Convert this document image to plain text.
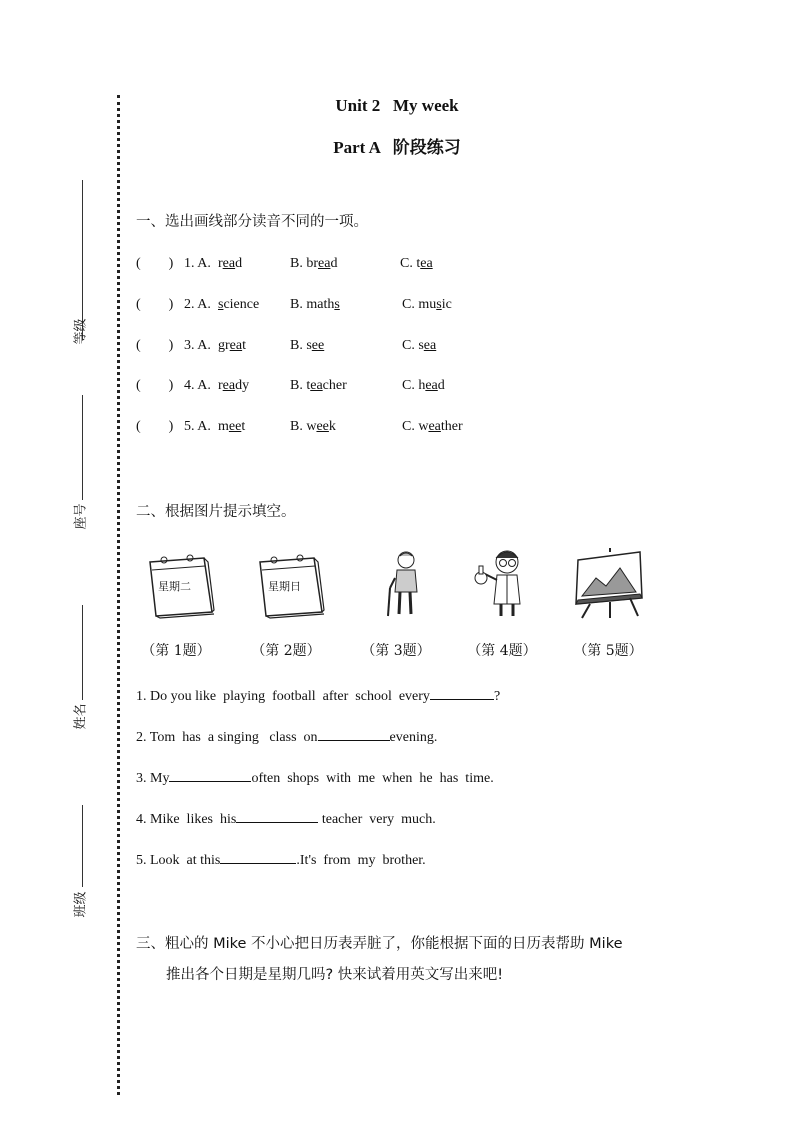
等级
座号
姓名
班级
Unit 2   My week
Part A   阶段练习
一、选出画线部分读音不同的一项。
(        ) 1. A. read	B. bread	C. tea
(        ) 2. A. science B. maths	C. music
(        ) 3. A. great	B. see	C. sea
(        ) 4. A. ready	B. teacher	C. head
(        ) 5. A. meet	B. week	C. weather
二、根据图片提示填空。
星期二	星期日
（第 1题）	（第 2题）	（第 3题）	（第 4题）	（第 5题）
1. Do you like  playing  football  after  school  every	?
2. Tom  has  a singing   class  on	evening.
3. My	often  shops  with  me  when  he  has  time.
4. Mike  likes  his	teacher  very  much.
5. Look  at this	.It's  from  my  brother.
三、粗心的 Mike 不小心把日历表弄脏了，你能根据下面的日历表帮助 Mike
推出各个日期是星期几吗? 快来试着用英文写出来吧!
